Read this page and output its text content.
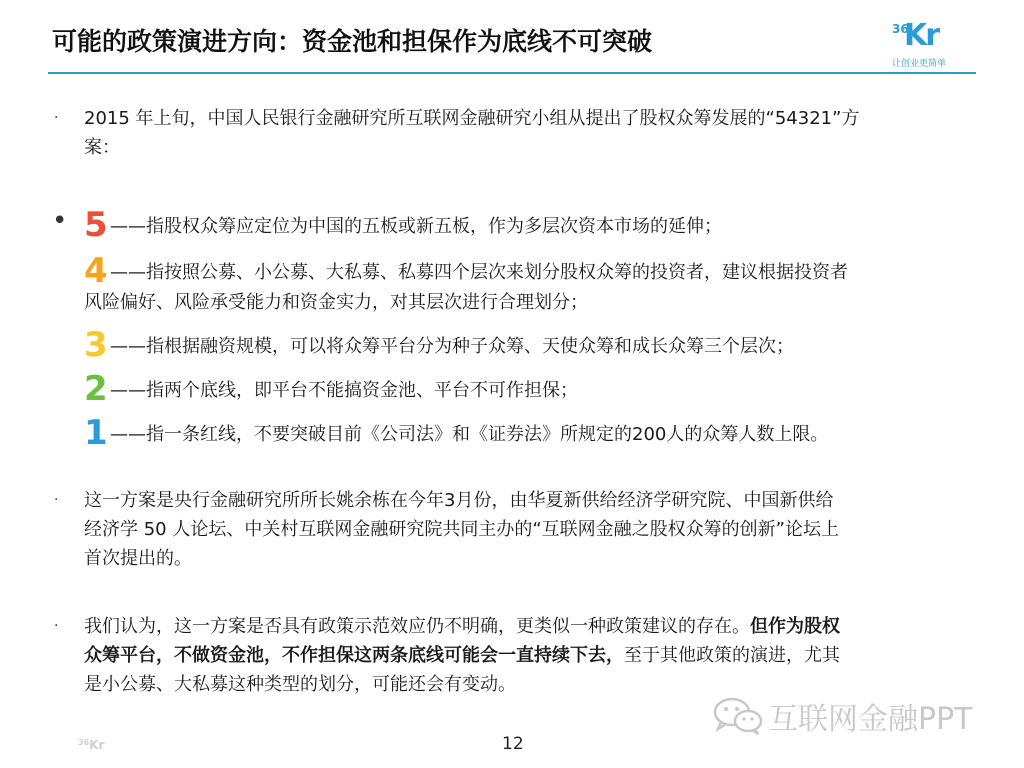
可能的政策演进方向：资金池和担保作为底线不可突破	36
Kr
让创业更简单
· 2015 年上旬，中国人民银行金融研究所互联网金融研究小组从提出了股权众筹发展的“54321”方
案：
• 5 ——指股权众筹应定位为中国的五板或新五板，作为多层次资本市场的延伸；
4 ——指按照公募、小公募、大私募、私募四个层次来划分股权众筹的投资者，建议根据投资者
风险偏好、风险承受能力和资金实力，对其层次进行合理划分；
3 ——指根据融资规模，可以将众筹平台分为种子众筹、天使众筹和成长众筹三个层次；
2 ——指两个底线，即平台不能搞资金池、平台不可作担保；
1 ——指一条红线，不要突破目前《公司法》和《证券法》所规定的200人的众筹人数上限。
· 这一方案是央行金融研究所所长姚余栋在今年3月份，由华夏新供给经济学研究院、中国新供给
经济学 50 人论坛、中关村互联网金融研究院共同主办的“互联网金融之股权众筹的创新”论坛上
首次提出的。
· 我们认为，这一方案是否具有政策示范效应仍不明确，更类似一种政策建议的存在。但作为股权
众筹平台，不做资金池，不作担保这两条底线可能会一直持续下去，至于其他政策的演进，尤其
是小公募、大私募这种类型的划分，可能还会有变动。
$^{36}$Kr	12
互联网金融PPT
